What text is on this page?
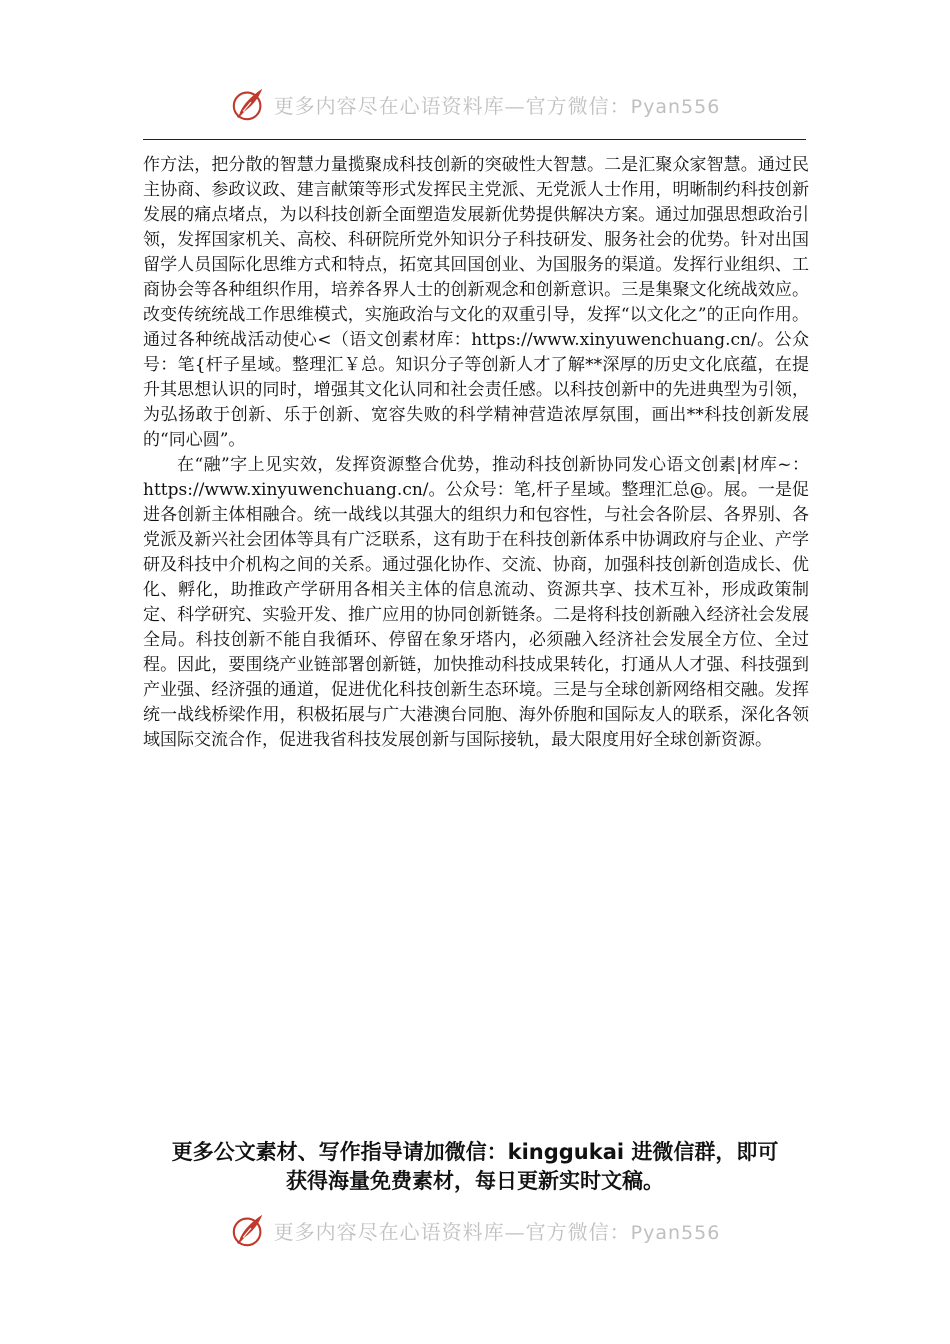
更多内容尽在心语资料库—官方微信：Pyan556

作方法，把分散的智慧力量揽聚成科技创新的突破性大智慧。二是汇聚众家智慧。通过民主协商、参政议政、建言献策等形式发挥民主党派、无党派人士作用，明晰制约科技创新发展的痛点堵点，为以科技创新全面塑造发展新优势提供解决方案。通过加强思想政治引领，发挥国家机关、高校、科研院所党外知识分子科技研发、服务社会的优势。针对出国留学人员国际化思维方式和特点，拓宽其回国创业、为国服务的渠道。发挥行业组织、工商协会等各种组织作用，培养各界人士的创新观念和创新意识。三是集聚文化统战效应。改变传统统战工作思维模式，实施政治与文化的双重引导，发挥“以文化之”的正向作用。通过各种统战活动使心<（语文创素材库：https://www.xinyuwenchuang.cn/。公众号：笔{杆子星域。整理汇￥总。知识分子等创新人才了解**深厚的历史文化底蕴，在提升其思想认识的同时，增强其文化认同和社会责任感。以科技创新中的先进典型为引领，为弘扬敢于创新、乐于创新、宽容失败的科学精神营造浓厚氛围，画出**科技创新发展的“同心圆”。

在“融”字上见实效，发挥资源整合优势，推动科技创新协同发心语文创素|材库~：https://www.xinyuwenchuang.cn/。公众号：笔,杆子星域。整理汇总@。展。一是促进各创新主体相融合。统一战线以其强大的组织力和包容性，与社会各阶层、各界别、各党派及新兴社会团体等具有广泛联系，这有助于在科技创新体系中协调政府与企业、产学研及科技中介机构之间的关系。通过强化协作、交流、协商，加强科技创新创造成长、优化、孵化，助推政产学研用各相关主体的信息流动、资源共享、技术互补，形成政策制定、科学研究、实验开发、推广应用的协同创新链条。二是将科技创新融入经济社会发展全局。科技创新不能自我循环、停留在象牙塔内，必须融入经济社会发展全方位、全过程。因此，要围绕产业链部署创新链，加快推动科技成果转化，打通从人才强、科技强到产业强、经济强的通道，促进优化科技创新生态环境。三是与全球创新网络相交融。发挥统一战线桥梁作用，积极拓展与广大港澳台同胞、海外侨胞和国际友人的联系，深化各领域国际交流合作，促进我省科技发展创新与国际接轨，最大限度用好全球创新资源。

更多公文素材、写作指导请加微信：kinggukai 进微信群，即可
获得海量免费素材，每日更新实时文稿。
更多内容尽在心语资料库—官方微信：Pyan556
